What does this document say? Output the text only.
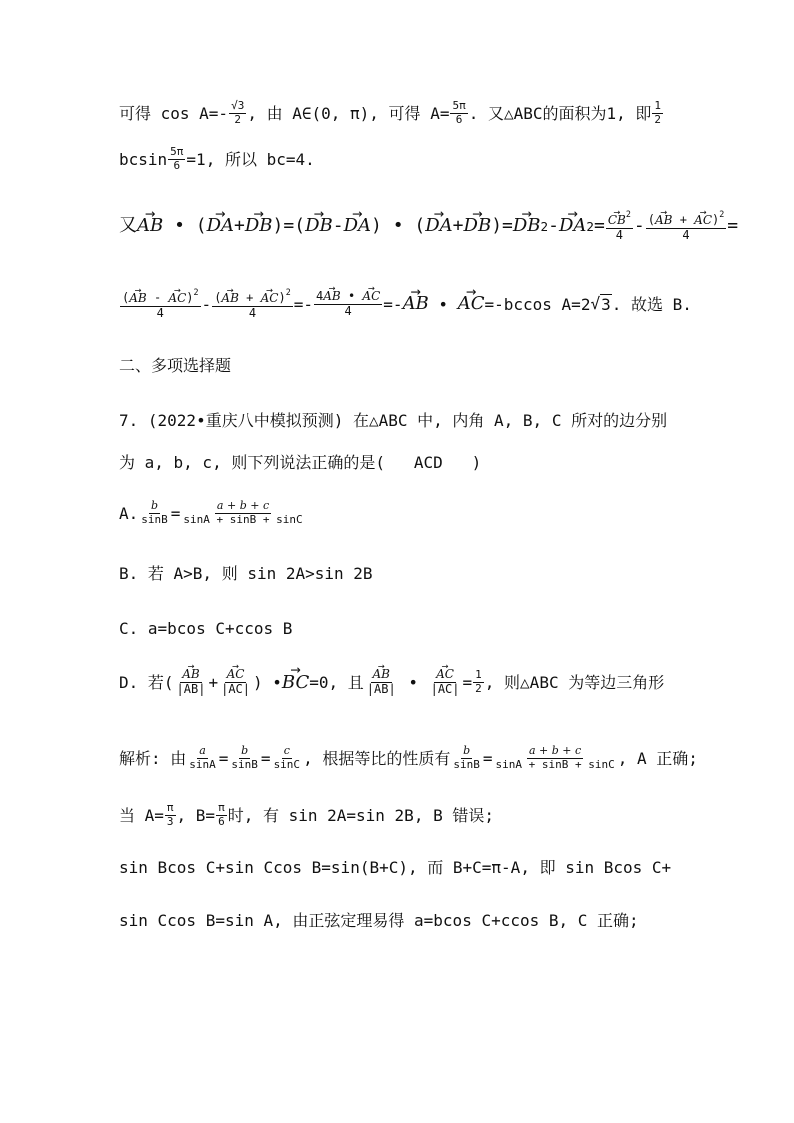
可得 $\cos A=- \frac{√3}{2}$ , 由 A∈(0, π), 可得 $A= \frac{5\pi}{6}$ . 又△ABC的面积为1, 即 $\frac{1}{2}$
bcsin $\frac{5\pi}{6} =1$, 所以 bc=4.
又 → AB • ( → DA + → DB ) = ( → DB - → DA ) • ( → DA + → DB ) = → DB 2 - → DA 2 = → $\frac{CB^2}{4} - \frac{(\to AB + \to AC)^2}{4}$ =
$\frac{(\to AB - \to AC)^2}{4} - \frac{(\to AB + \to AC)^2}{4}$ = - $\frac{4\to AB • \to AC}{4}$ = - → AB • → AC =-bccos A=2 √ 3 . 故选 B.
二、多项选择题
7. (2022•重庆八中模拟预测) 在△ABC 中, 内角 A, B, C 所对的边分别
为 a, b, c, 则下列说法正确的是(   ACD   )
A. $\frac{b}{\sin B} = \frac{a + b + c}{\sin A + \sin B + \sin C}$
B. 若 A>B, 则 sin 2A>sin 2B
C. a=bcos C+ccos B
D. 若( → $\frac{AB}{|AB|}$ + → $\frac{AC}{|AC|}$ ) • → BC =0, 且 → $\frac{AB}{|AB|}$ • → $\frac{AC}{|AC|} = \frac{1}{2}$ , 则△ABC 为等边三角形
解析: 由 $\frac{a}{\sin A} = \frac{b}{\sin B} = \frac{c}{\sin C}$ , 根据等比的性质有 $\frac{b}{\sin B} = \frac{a + b + c}{\sin A + \sin B + \sin C}$ , A 正确;
当 $A= \frac{\pi}{3}$ , $B= \frac{\pi}{6}$ 时, 有 sin 2A=sin 2B, B 错误;
sin Bcos C+sin Ccos B=sin(B+C), 而 B+C=π-A, 即 sin Bcos C+
sin Ccos B=sin A, 由正弦定理易得 a=bcos C+ccos B, C 正确;
